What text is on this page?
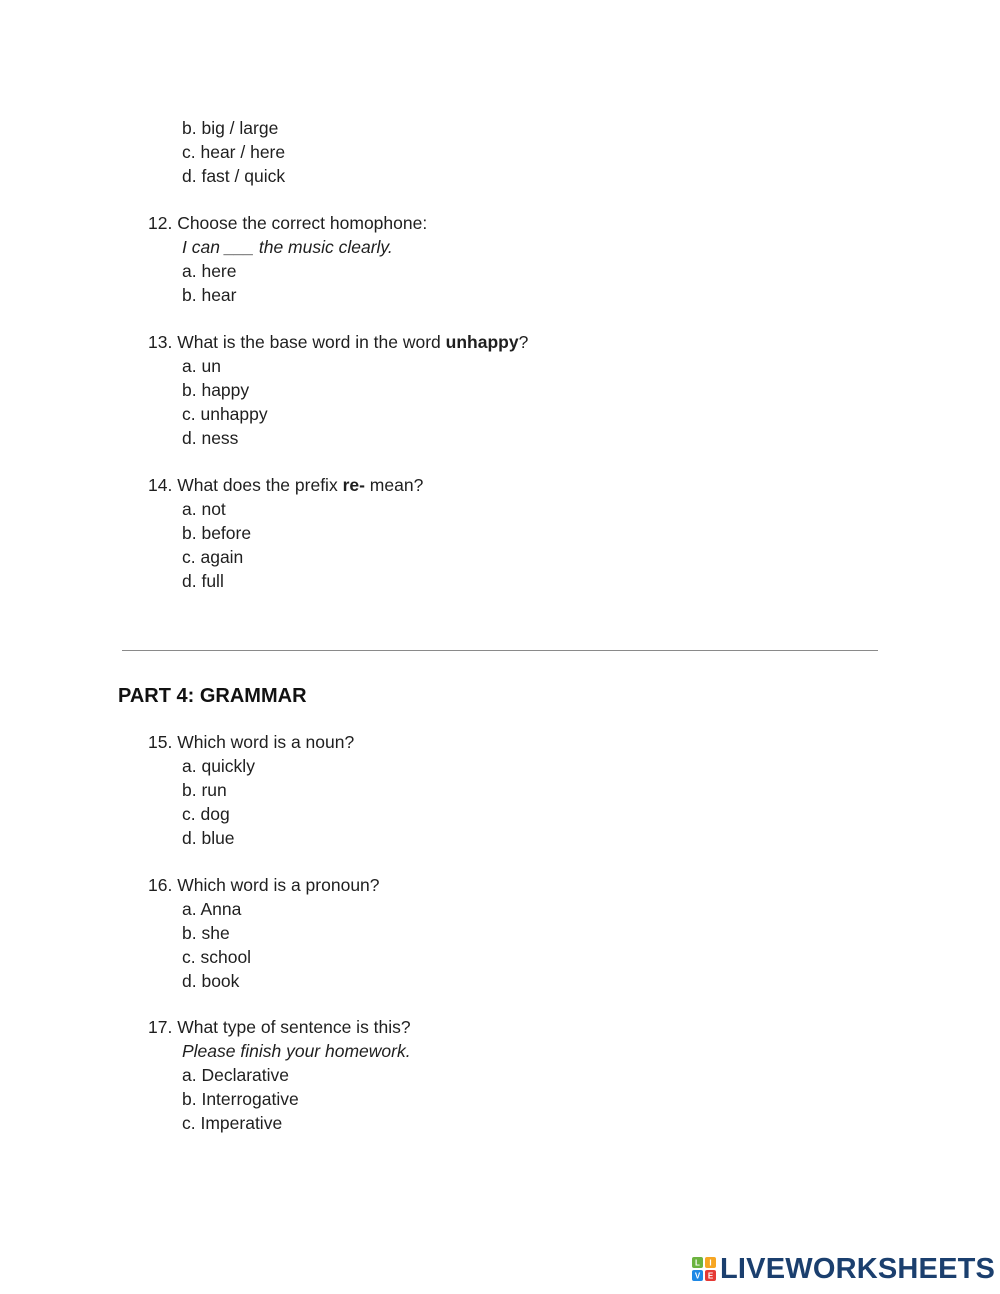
b. big / large
c. hear / here
d. fast / quick
12. Choose the correct homophone:
I can ___ the music clearly.
a. here
b. hear
13. What is the base word in the word unhappy?
a. un
b. happy
c. unhappy
d. ness
14. What does the prefix re- mean?
a. not
b. before
c. again
d. full
PART 4: GRAMMAR
15. Which word is a noun?
a. quickly
b. run
c. dog
d. blue
16. Which word is a pronoun?
a. Anna
b. she
c. school
d. book
17. What type of sentence is this?
Please finish your homework.
a. Declarative
b. Interrogative
c. Imperative
L I
V E LIVEWORKSHEETS
